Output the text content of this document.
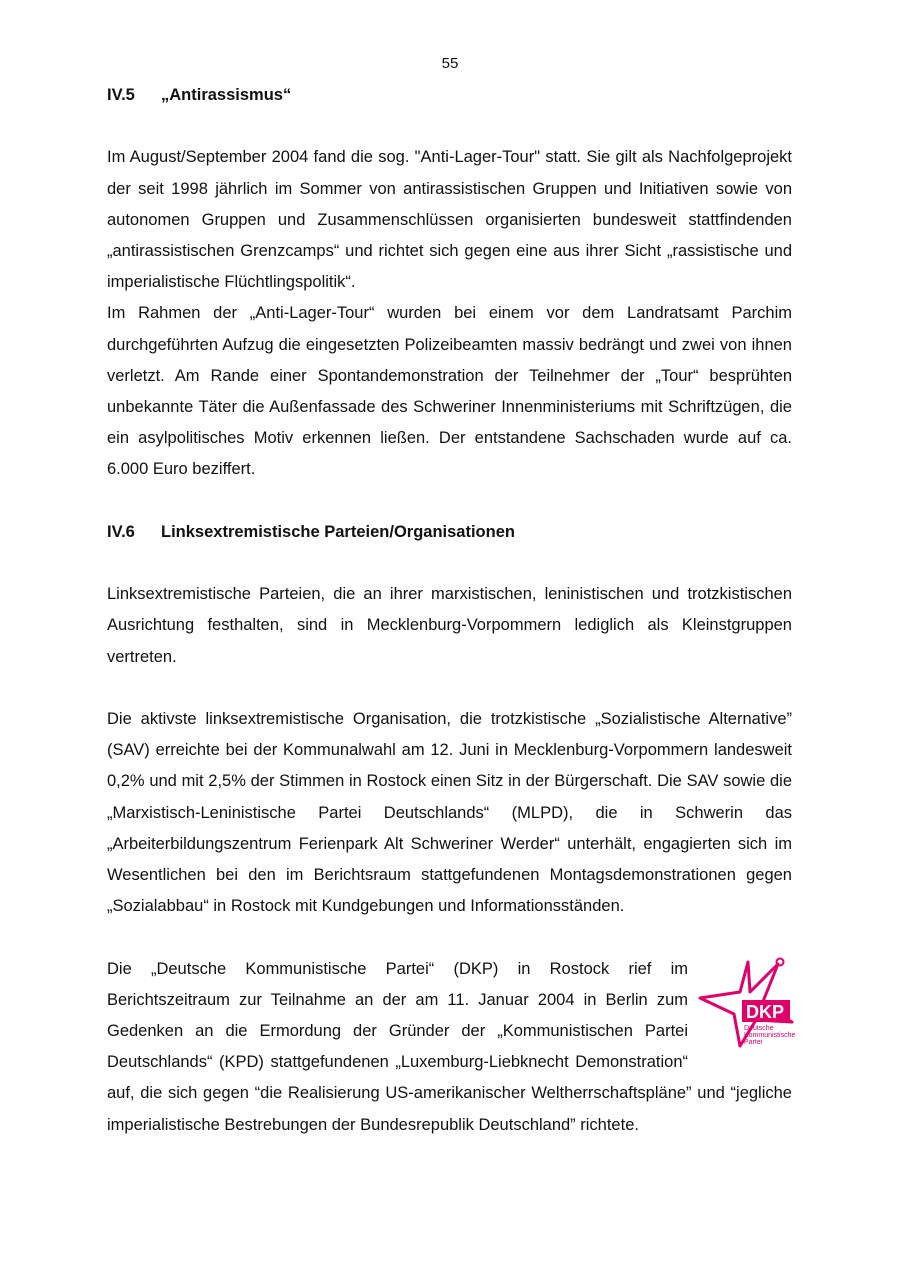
55
IV.5	„Antirassismus“

Im August/September 2004 fand die sog. "Anti-Lager-Tour" statt. Sie gilt als Nachfolgeprojekt der seit 1998 jährlich im Sommer von antirassistischen Gruppen und Initiativen sowie von autonomen Gruppen und Zusammenschlüssen organisierten bundesweit stattfindenden „antirassistischen Grenzcamps“ und richtet sich gegen eine aus ihrer Sicht „rassistische und imperialistische Flüchtlingspolitik“.

Im Rahmen der „Anti-Lager-Tour“ wurden bei einem vor dem Landratsamt Parchim durchgeführten Aufzug die eingesetzten Polizeibeamten massiv bedrängt und zwei von ihnen verletzt. Am Rande einer Spontandemonstration der Teilnehmer der „Tour“ besprühten unbekannte Täter die Außenfassade des Schweriner Innenministeriums mit Schriftzügen, die ein asylpolitisches Motiv erkennen ließen. Der entstandene Sachschaden wurde auf ca. 6.000 Euro beziffert.

IV.6	Linksextremistische Parteien/Organisationen

Linksextremistische Parteien, die an ihrer marxistischen, leninistischen und trotzkistischen Ausrichtung festhalten, sind in Mecklenburg-Vorpommern lediglich als Kleinstgruppen vertreten.

Die aktivste linksextremistische Organisation, die trotzkistische „Sozialistische Alternative” (SAV) erreichte bei der Kommunalwahl am 12. Juni in Mecklenburg-Vorpommern landesweit 0,2% und mit 2,5% der Stimmen in Rostock einen Sitz in der Bürgerschaft. Die SAV sowie die „Marxistisch-Leninistische Partei Deutschlands“ (MLPD), die in Schwerin das „Arbeiterbildungszentrum Ferienpark Alt Schweriner Werder“ unterhält, engagierten sich im Wesentlichen bei den im Berichtsraum stattgefundenen Montagsdemonstrationen gegen „Sozialabbau“ in Rostock mit Kundgebungen und Informationsständen.

DKP
Deutsche
Kommunistische
Partei

Die „Deutsche Kommunistische Partei“ (DKP) in Rostock rief im Berichtszeitraum zur Teilnahme an der am 11. Januar 2004 in Berlin zum Gedenken an die Ermordung der Gründer der „Kommunistischen Partei Deutschlands“ (KPD) stattgefundenen „Luxemburg-Liebknecht Demonstration“ auf, die sich gegen “die Realisierung US-amerikanischer Weltherrschaftspläne” und “jegliche imperialistische Bestrebungen der Bundesrepublik Deutschland” richtete.
